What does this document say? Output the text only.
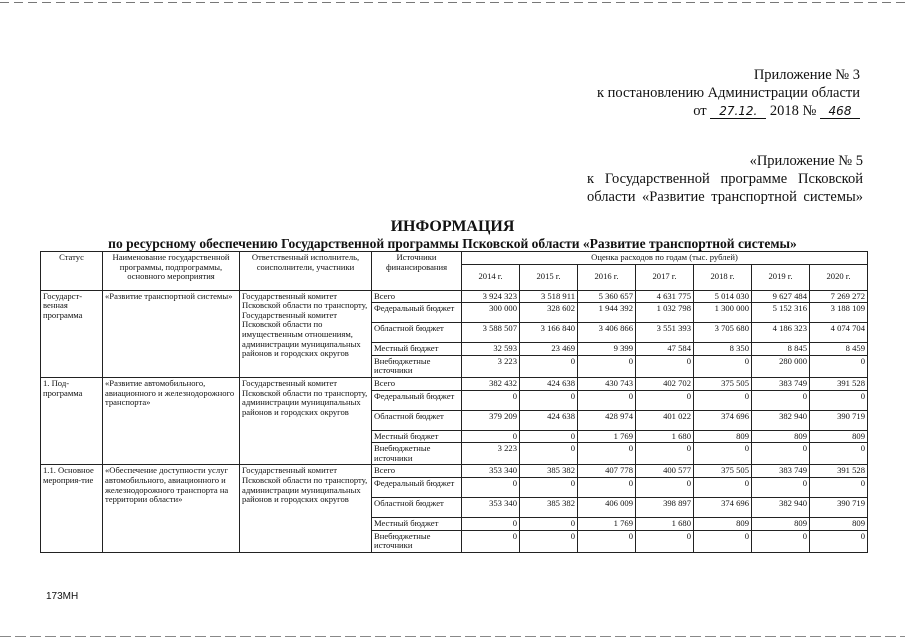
Приложение № 3
к постановлению Администрации области
от 27.12. 2018 № 468
«Приложение № 5
к Государственной программе Псковской
области «Развитие транспортной системы»
ИНФОРМАЦИЯ
по ресурсному обеспечению Государственной программы Псковской области «Развитие транспортной системы»
Статус	Наименование государственной программы, подпрограммы, основного мероприятия	Ответственный исполнитель, соисполнители, участники	Источники финансирования	Оценка расходов по годам (тыс. рублей)						
				2014 г.	2015 г.	2016 г.	2017 г.	2018 г.	2019 г.	2020 г.
Государст-венная программа	«Развитие транспортной системы»	Государственный комитет Псковской области по транспорту, Государственный комитет Псковской области по имущественным отношениям, администрации муниципальных районов и городских округов	Всего	3 924 323	3 518 911	5 360 657	4 631 775	5 014 030	9 627 484	7 269 272
			Федеральный бюджет	300 000	328 602	1 944 392	1 032 798	1 300 000	5 152 316	3 188 109
			Областной бюджет	3 588 507	3 166 840	3 406 866	3 551 393	3 705 680	4 186 323	4 074 704
			Местный бюджет	32 593	23 469	9 399	47 584	8 350	8 845	8 459
			Внебюджетные источники	3 223	0	0	0	0	280 000	0
1. Под-программа	«Развитие автомобильного, авиационного и железнодорожного транспорта»	Государственный комитет Псковской области по транспорту, администрации муниципальных районов и городских округов	Всего	382 432	424 638	430 743	402 702	375 505	383 749	391 528
			Федеральный бюджет	0	0	0	0	0	0	0
			Областной бюджет	379 209	424 638	428 974	401 022	374 696	382 940	390 719
			Местный бюджет	0	0	1 769	1 680	809	809	809
			Внебюджетные источники	3 223	0	0	0	0	0	0
1.1. Основное мероприя-тие	«Обеспечение доступности услуг автомобильного, авиационного и железнодорожного транспорта на территории области»	Государственный комитет Псковской области по транспорту, администрации муниципальных районов и городских округов	Всего	353 340	385 382	407 778	400 577	375 505	383 749	391 528
			Федеральный бюджет	0	0	0	0	0	0	0
			Областной бюджет	353 340	385 382	406 009	398 897	374 696	382 940	390 719
			Местный бюджет	0	0	1 769	1 680	809	809	809
			Внебюджетные источники	0	0	0	0	0	0	0
173МН
